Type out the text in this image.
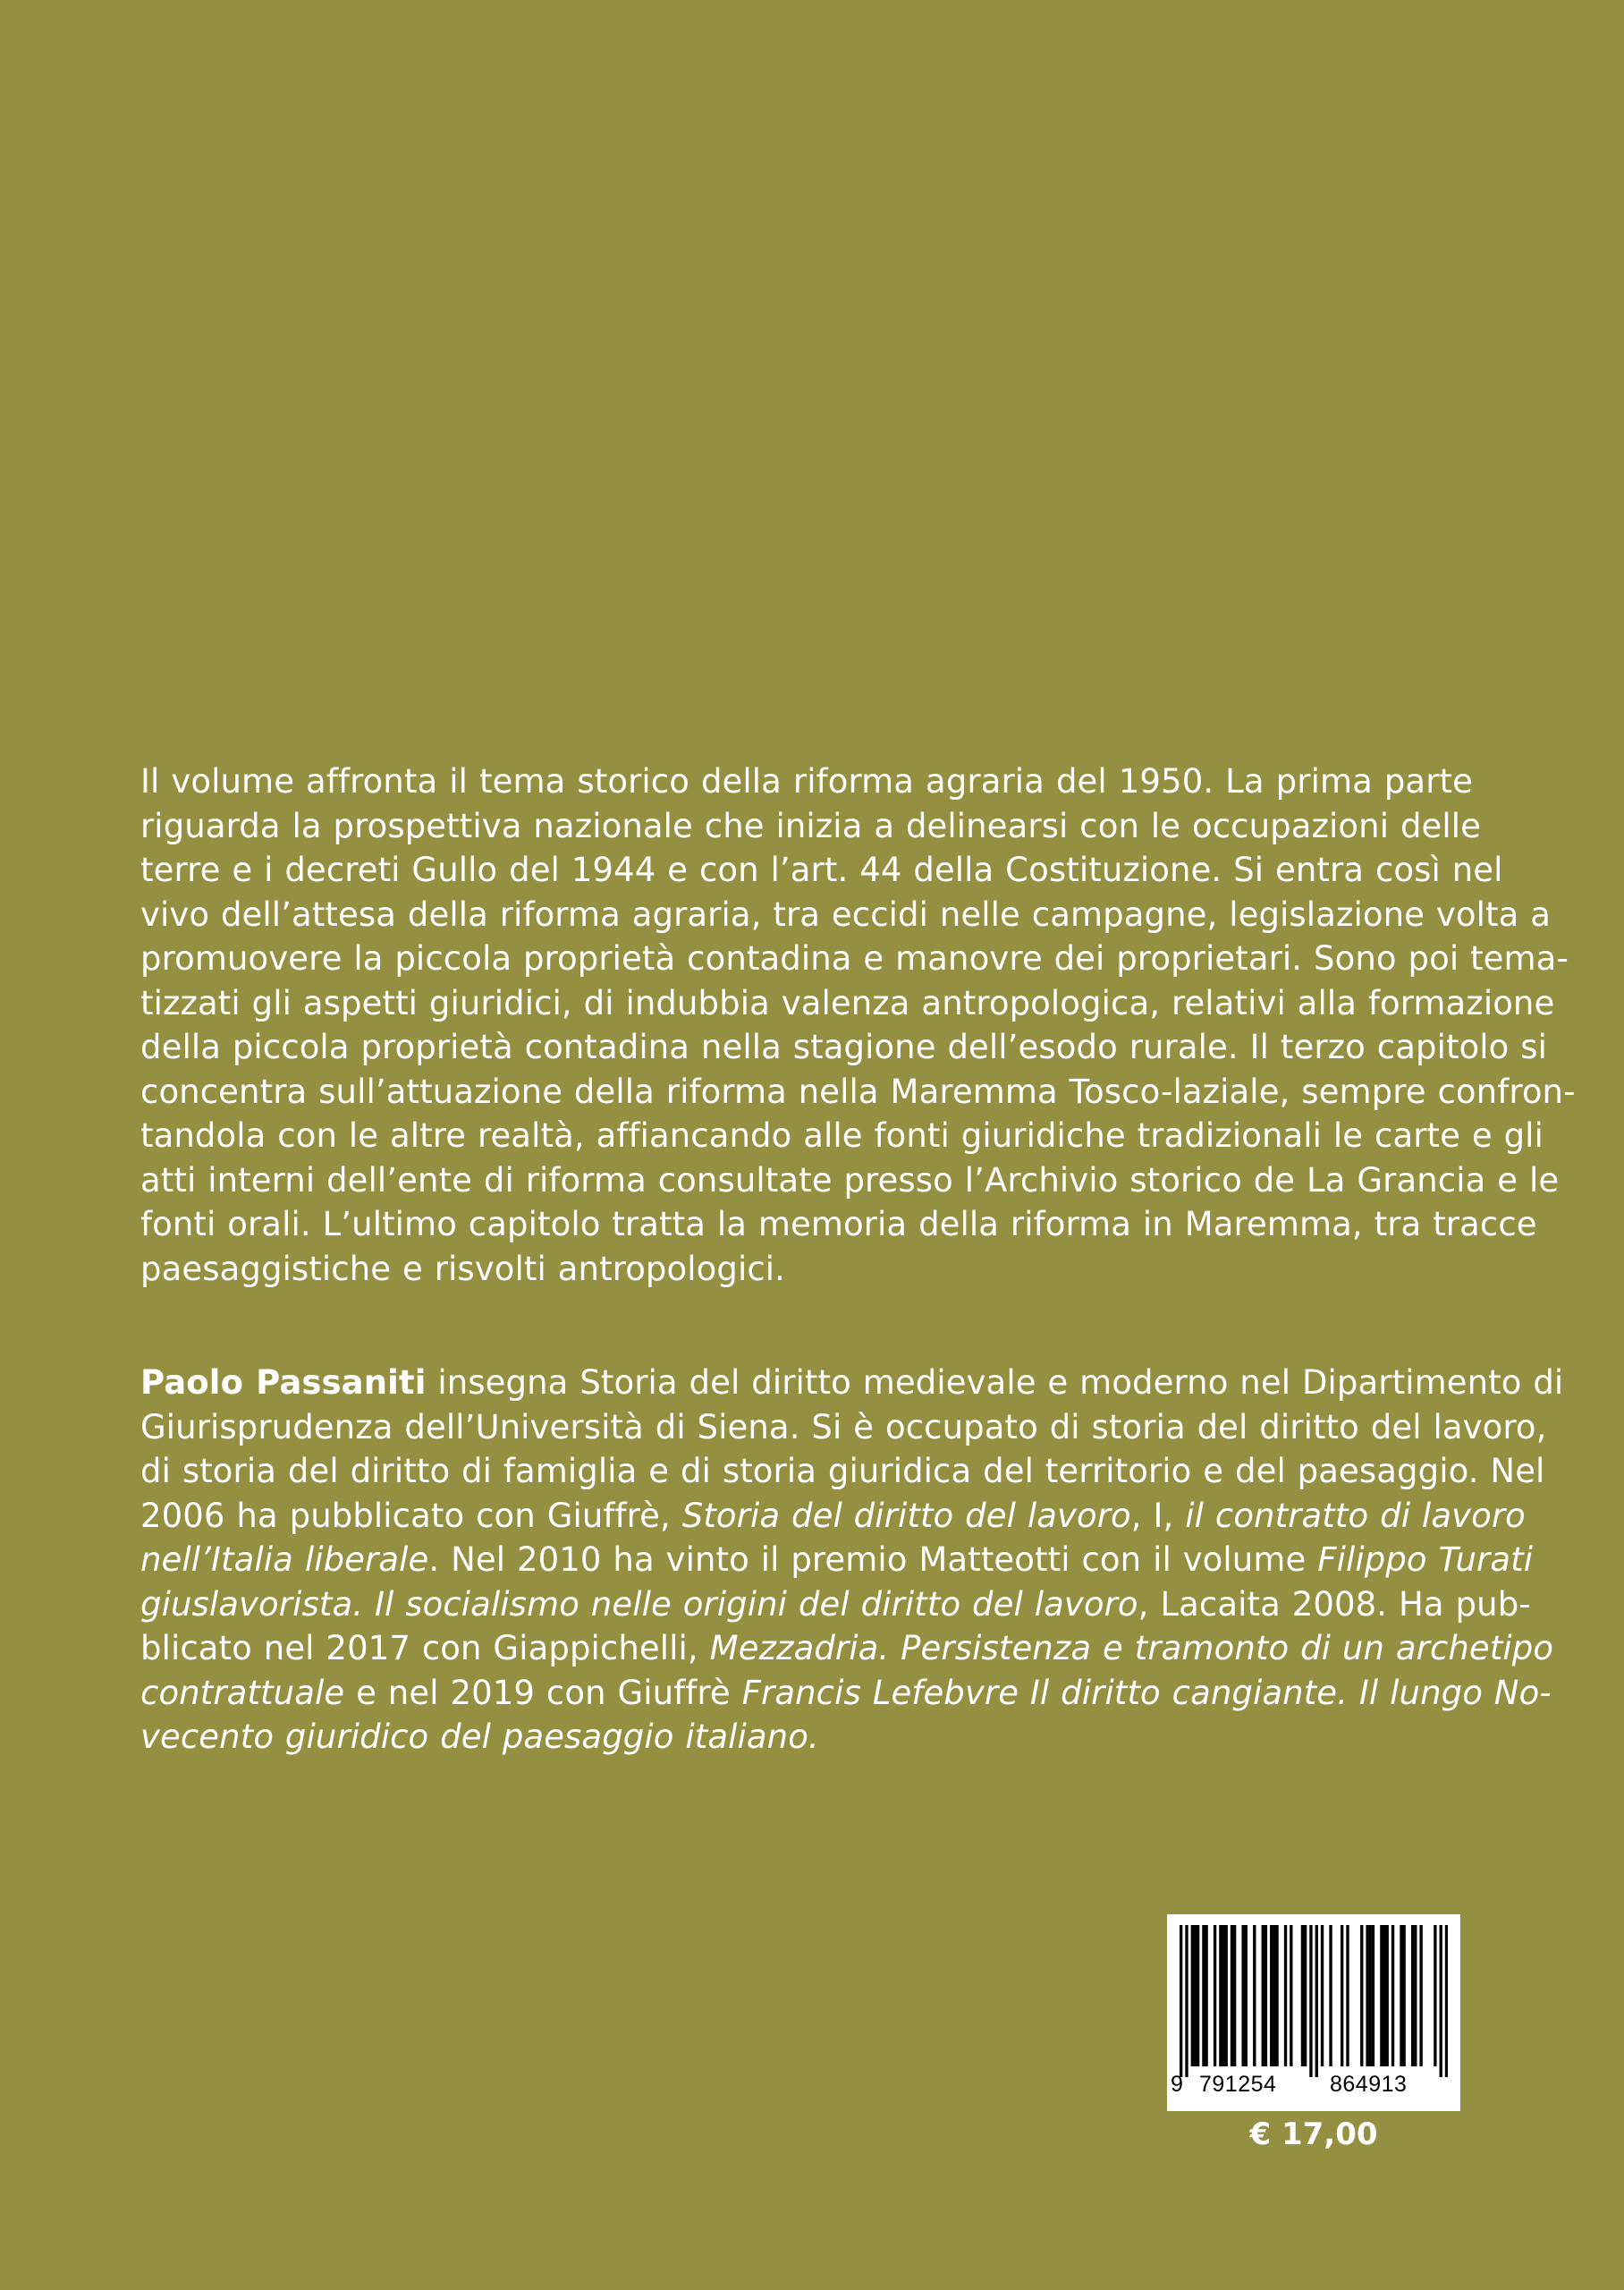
Il volume affronta il tema storico della riforma agraria del 1950. La prima parte
riguarda la prospettiva nazionale che inizia a delinearsi con le occupazioni delle
terre e i decreti Gullo del 1944 e con l’art. 44 della Costituzione. Si entra così nel
vivo dell’attesa della riforma agraria, tra eccidi nelle campagne, legislazione volta a
promuovere la piccola proprietà contadina e manovre dei proprietari. Sono poi tema-
tizzati gli aspetti giuridici, di indubbia valenza antropologica, relativi alla formazione
della piccola proprietà contadina nella stagione dell’esodo rurale. Il terzo capitolo si
concentra sull’attuazione della riforma nella Maremma Tosco-laziale, sempre confron-
tandola con le altre realtà, affiancando alle fonti giuridiche tradizionali le carte e gli
atti interni dell’ente di riforma consultate presso l’Archivio storico de La Grancia e le
fonti orali. L’ultimo capitolo tratta la memoria della riforma in Maremma, tra tracce
paesaggistiche e risvolti antropologici.
Paolo Passaniti insegna Storia del diritto medievale e moderno nel Dipartimento di
Giurisprudenza dell’Università di Siena. Si è occupato di storia del diritto del lavoro,
di storia del diritto di famiglia e di storia giuridica del territorio e del paesaggio. Nel
2006 ha pubblicato con Giuffrè, Storia del diritto del lavoro, I, il contratto di lavoro
nell’Italia liberale. Nel 2010 ha vinto il premio Matteotti con il volume Filippo Turati
giuslavorista. Il socialismo nelle origini del diritto del lavoro, Lacaita 2008. Ha pub-
blicato nel 2017 con Giappichelli, Mezzadria. Persistenza e tramonto di un archetipo
contrattuale e nel 2019 con Giuffrè Francis Lefebvre Il diritto cangiante. Il lungo No-
vecento giuridico del paesaggio italiano.
9 791254 864913
€ 17,00
